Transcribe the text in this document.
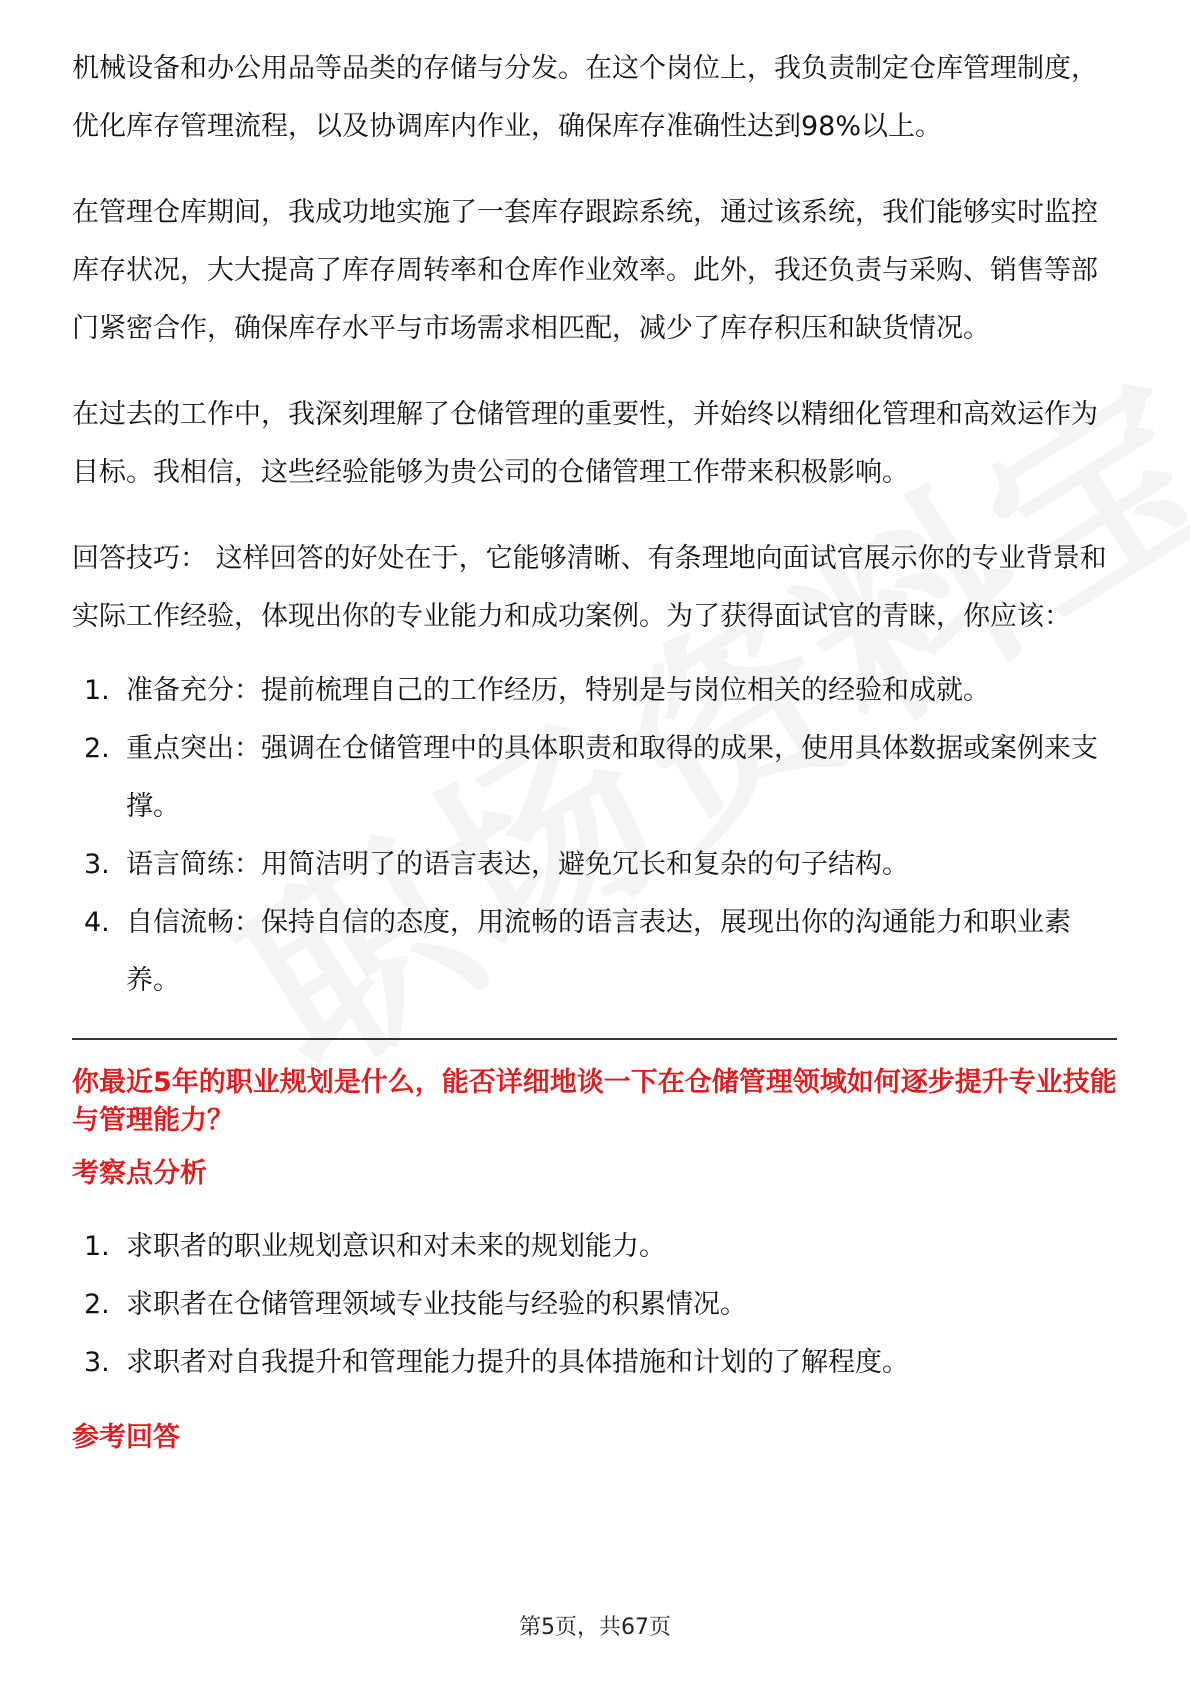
机械设备和办公用品等品类的存储与分发。在这个岗位上，我负责制定仓库管理制度，优化库存管理流程，以及协调库内作业，确保库存准确性达到98%以上。

在管理仓库期间，我成功地实施了一套库存跟踪系统，通过该系统，我们能够实时监控库存状况，大大提高了库存周转率和仓库作业效率。此外，我还负责与采购、销售等部门紧密合作，确保库存水平与市场需求相匹配，减少了库存积压和缺货情况。

在过去的工作中，我深刻理解了仓储管理的重要性，并始终以精细化管理和高效运作为目标。我相信，这些经验能够为贵公司的仓储管理工作带来积极影响。

回答技巧： 这样回答的好处在于，它能够清晰、有条理地向面试官展示你的专业背景和实际工作经验，体现出你的专业能力和成功案例。为了获得面试官的青睐，你应该：

1. 准备充分：提前梳理自己的工作经历，特别是与岗位相关的经验和成就。
2. 重点突出：强调在仓储管理中的具体职责和取得的成果，使用具体数据或案例来支撑。
3. 语言简练：用简洁明了的语言表达，避免冗长和复杂的句子结构。
4. 自信流畅：保持自信的态度，用流畅的语言表达，展现出你的沟通能力和职业素养。

你最近5年的职业规划是什么，能否详细地谈一下在仓储管理领域如何逐步提升专业技能与管理能力？

考察点分析

1. 求职者的职业规划意识和对未来的规划能力。
2. 求职者在仓储管理领域专业技能与经验的积累情况。
3. 求职者对自我提升和管理能力提升的具体措施和计划的了解程度。

参考回答

第5页，共67页
